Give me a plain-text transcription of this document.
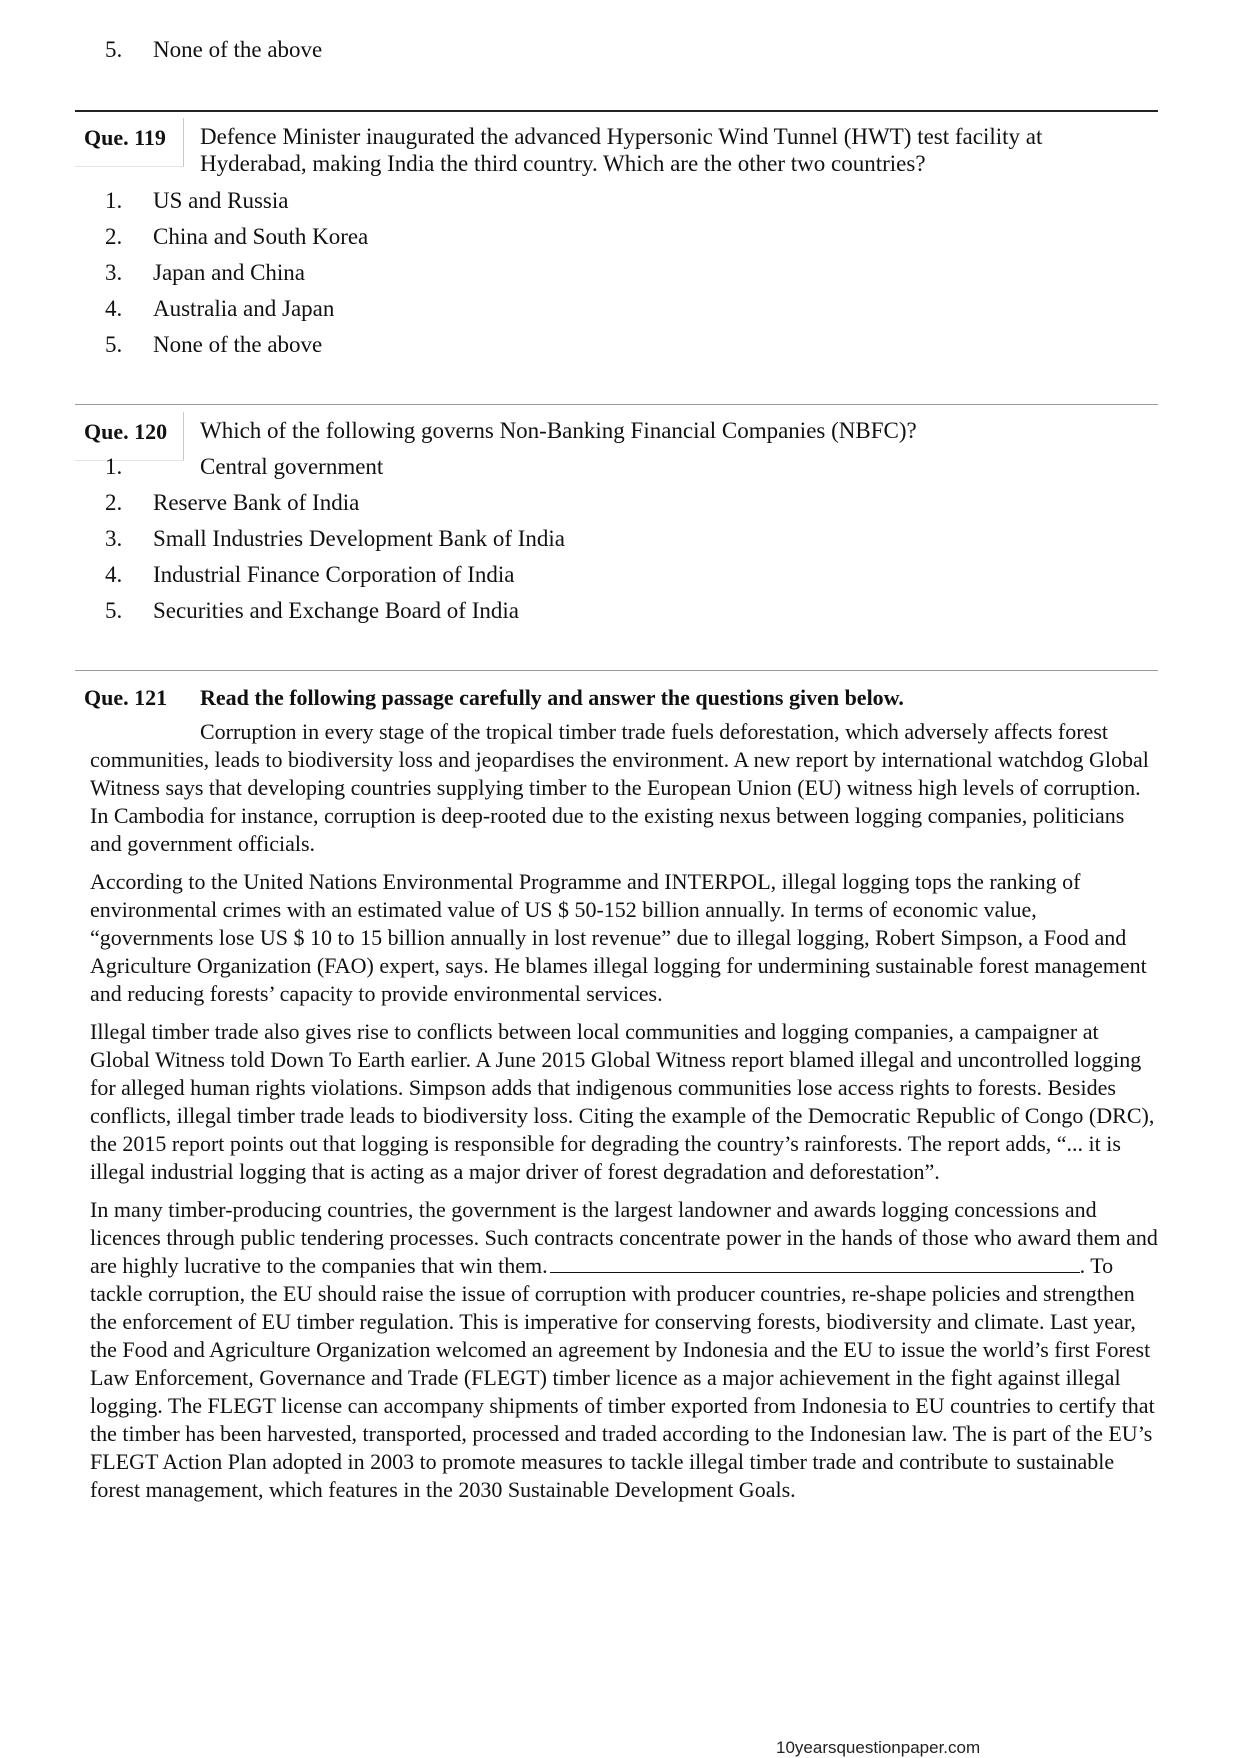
5. None of the above
Que. 119 Defence Minister inaugurated the advanced Hypersonic Wind Tunnel (HWT) test facility at Hyderabad, making India the third country. Which are the other two countries?
1. US and Russia
2. China and South Korea
3. Japan and China
4. Australia and Japan
5. None of the above
Que. 120 Which of the following governs Non-Banking Financial Companies (NBFC)?
1.	Central government
2. Reserve Bank of India
3. Small Industries Development Bank of India
4. Industrial Finance Corporation of India
5. Securities and Exchange Board of India
Que. 121 Read the following passage carefully and answer the questions given below.

Corruption in every stage of the tropical timber trade fuels deforestation, which adversely affects forest communities, leads to biodiversity loss and jeopardises the environment. A new report by international watchdog Global Witness says that developing countries supplying timber to the European Union (EU) witness high levels of corruption. In Cambodia for instance, corruption is deep-rooted due to the existing nexus between logging companies, politicians and government officials.

According to the United Nations Environmental Programme and INTERPOL, illegal logging tops the ranking of environmental crimes with an estimated value of US $ 50-152 billion annually. In terms of economic value, “governments lose US $ 10 to 15 billion annually in lost revenue” due to illegal logging, Robert Simpson, a Food and Agriculture Organization (FAO) expert, says. He blames illegal logging for undermining sustainable forest management and reducing forests’ capacity to provide environmental services.

Illegal timber trade also gives rise to conflicts between local communities and logging companies, a campaigner at Global Witness told Down To Earth earlier. A June 2015 Global Witness report blamed illegal and uncontrolled logging for alleged human rights violations. Simpson adds that indigenous communities lose access rights to forests. Besides conflicts, illegal timber trade leads to biodiversity loss. Citing the example of the Democratic Republic of Congo (DRC), the 2015 report points out that logging is responsible for degrading the country’s rainforests. The report adds, “... it is illegal industrial logging that is acting as a major driver of forest degradation and deforestation”.

In many timber-producing countries, the government is the largest landowner and awards logging concessions and licences through public tendering processes. Such contracts concentrate power in the hands of those who award them and are highly lucrative to the companies that win them.	. To tackle corruption, the EU should raise the issue of corruption with producer countries, re-shape policies and strengthen the enforcement of EU timber regulation. This is imperative for conserving forests, biodiversity and climate. Last year, the Food and Agriculture Organization welcomed an agreement by Indonesia and the EU to issue the world’s first Forest Law Enforcement, Governance and Trade (FLEGT) timber licence as a major achievement in the fight against illegal logging. The FLEGT license can accompany shipments of timber exported from Indonesia to EU countries to certify that the timber has been harvested, transported, processed and traded according to the Indonesian law. The is part of the EU’s FLEGT Action Plan adopted in 2003 to promote measures to tackle illegal timber trade and contribute to sustainable forest management, which features in the 2030 Sustainable Development Goals.

10yearsquestionpaper.com
